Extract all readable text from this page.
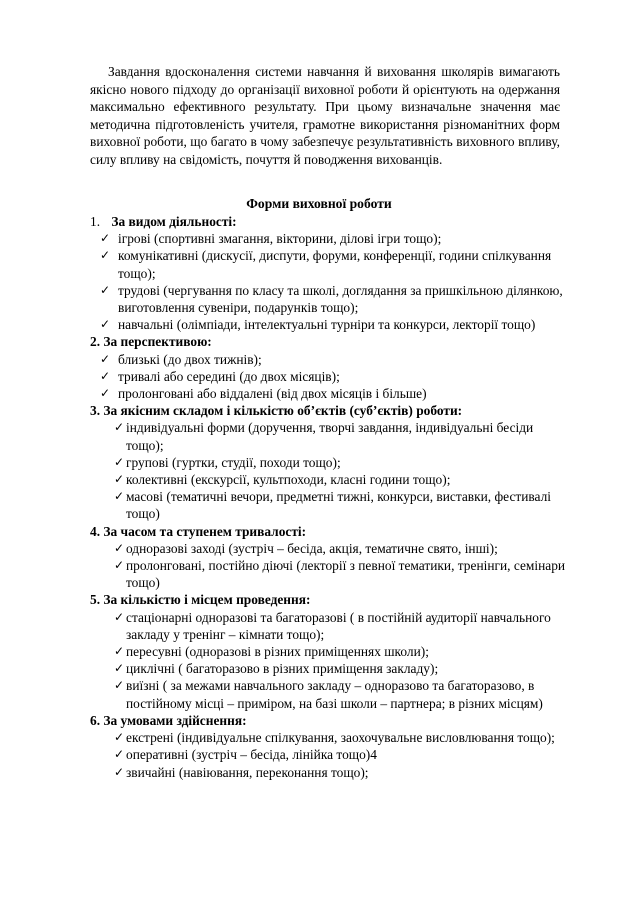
Завдання вдосконалення системи навчання й виховання школярів вимагають якісно нового підходу до організації виховної роботи й орієнтують на одержання максимально ефективного результату. При цьому визначальне значення має методична підготовленість учителя, грамотне використання різноманітних форм виховної роботи, що багато в чому забезпечує результативність виховного впливу, силу впливу на свідомість, почуття й поводження вихованців.

Форми виховної роботи

1. За видом діяльності:

✓ ігрові (спортивні змагання, вікторини, ділові ігри тощо);
✓ комунікативні (дискусії, диспути, форуми, конференції, години спілкування тощо);
✓ трудові (чергування по класу та школі, доглядання за пришкільною ділянкою, виготовлення сувеніри, подарунків тощо);
✓ навчальні (олімпіади, інтелектуальні турніри та конкурси, лекторії тощо)

2. За перспективою:

✓ близькі (до двох тижнів);
✓ тривалі або середині (до двох місяців);
✓ пролонговані або віддалені (від двох місяців і більше)

3. За якісним складом і кількістю об’єктів (суб’єктів) роботи:

✓ індивідуальні форми (доручення, творчі завдання, індивідуальні бесіди тощо);
✓ групові (гуртки, студії, походи тощо);
✓ колективні (екскурсії, культпоходи, класні години тощо);
✓ масові (тематичні вечори, предметні тижні, конкурси, виставки, фестивалі тощо)

4. За часом та ступенем тривалості:

✓ одноразові заході (зустріч – бесіда, акція, тематичне свято, інші);
✓ пролонговані, постійно діючі (лекторії з певної тематики, тренінги, семінари тощо)

5. За кількістю і місцем проведення:

✓ стаціонарні одноразові та багаторазові ( в постійній аудиторії навчального закладу у тренінг – кімнати тощо);
✓ пересувні (одноразові в різних приміщеннях школи);
✓ циклічні ( багаторазово в різних приміщення закладу);
✓ виїзні ( за межами навчального закладу – одноразово та багаторазово, в постійному місці – приміром, на базі школи – партнера; в різних місцям)

6. За умовами здійснення:

✓ екстрені (індивідуальне спілкування, заохочувальне висловлювання тощо);
✓ оперативні (зустріч – бесіда, лінійка тощо)4
✓ звичайні (навіювання, переконання тощо);
